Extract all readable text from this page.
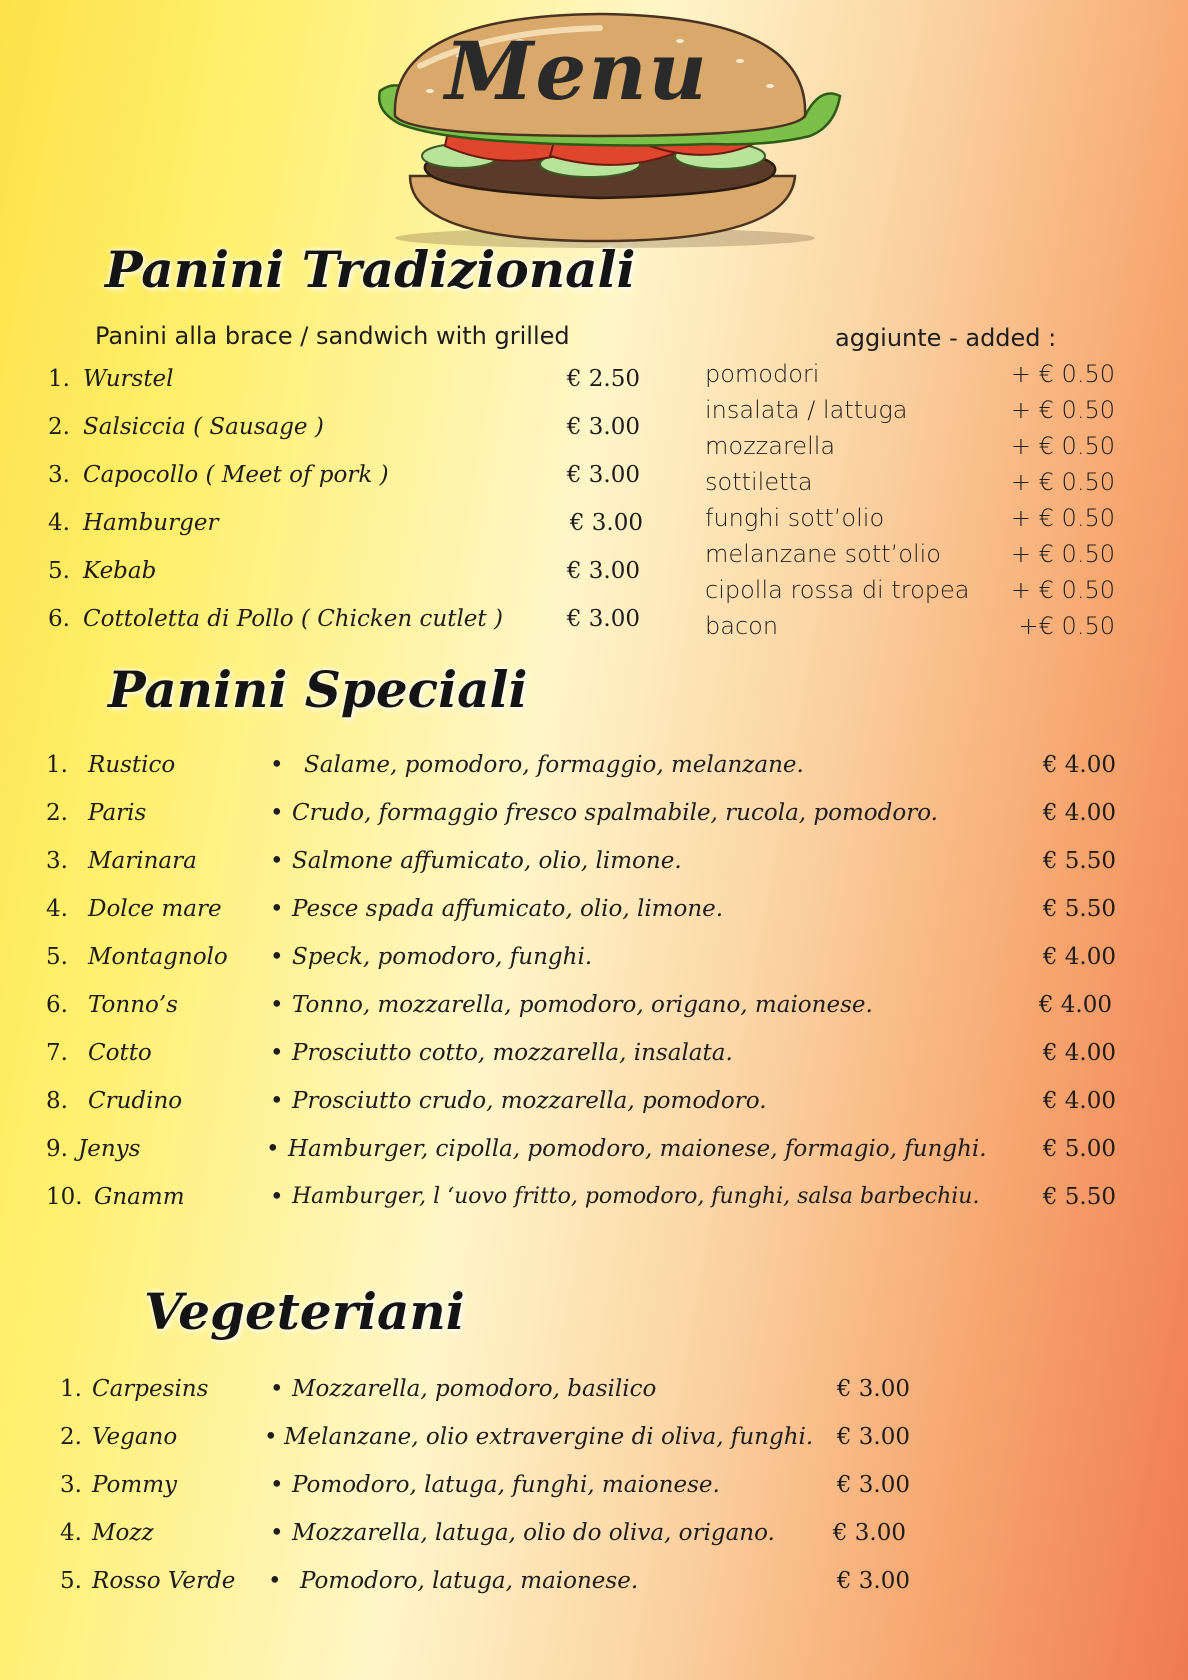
Menu
Panini Tradizionali
Panini alla brace / sandwich with grilled
1. Wurstel	€ 2.50
2. Salsiccia ( Sausage )	€ 3.00
3. Capocollo ( Meet of pork )	€ 3.00
4. Hamburger	€ 3.00
5. Kebab	€ 3.00
6. Cottoletta di Pollo ( Chicken cutlet )	€ 3.00
aggiunte - added :
pomodori	+ € 0.50
insalata / lattuga	+ € 0.50
mozzarella	+ € 0.50
sottiletta	+ € 0.50
funghi sott’olio	+ € 0.50
melanzane sott’olio	+ € 0.50
cipolla rossa di tropea + € 0.50
bacon	+€ 0.50
Panini Speciali
1. Rustico	• Salame, pomodoro, formaggio, melanzane.	€ 4.00
2. Paris	• Crudo, formaggio fresco spalmabile, rucola, pomodoro.	€ 4.00
3. Marinara	• Salmone affumicato, olio, limone.	€ 5.50
4. Dolce mare • Pesce spada affumicato, olio, limone.	€ 5.50
5. Montagnolo • Speck, pomodoro, funghi.	€ 4.00
6. Tonno’s	• Tonno, mozzarella, pomodoro, origano, maionese.	€ 4.00
7. Cotto	• Prosciutto cotto, mozzarella, insalata.	€ 4.00
8. Crudino	• Prosciutto crudo, mozzarella, pomodoro.	€ 4.00
9. Jenys	• Hamburger, cipolla, pomodoro, maionese, formagio, funghi. € 5.00
10. Gnamm	• Hamburger, l ‘uovo fritto, pomodoro, funghi, salsa barbechiu.	€ 5.50
Vegeteriani
1. Carpesins	• Mozzarella, pomodoro, basilico	€ 3.00
2. Vegano	• Melanzane, olio extravergine di oliva, funghi. € 3.00
3. Pommy	• Pomodoro, latuga, funghi, maionese.	€ 3.00
4. Mozz	• Mozzarella, latuga, olio do oliva, origano.	€ 3.00
5. Rosso Verde • Pomodoro, latuga, maionese.	€ 3.00
